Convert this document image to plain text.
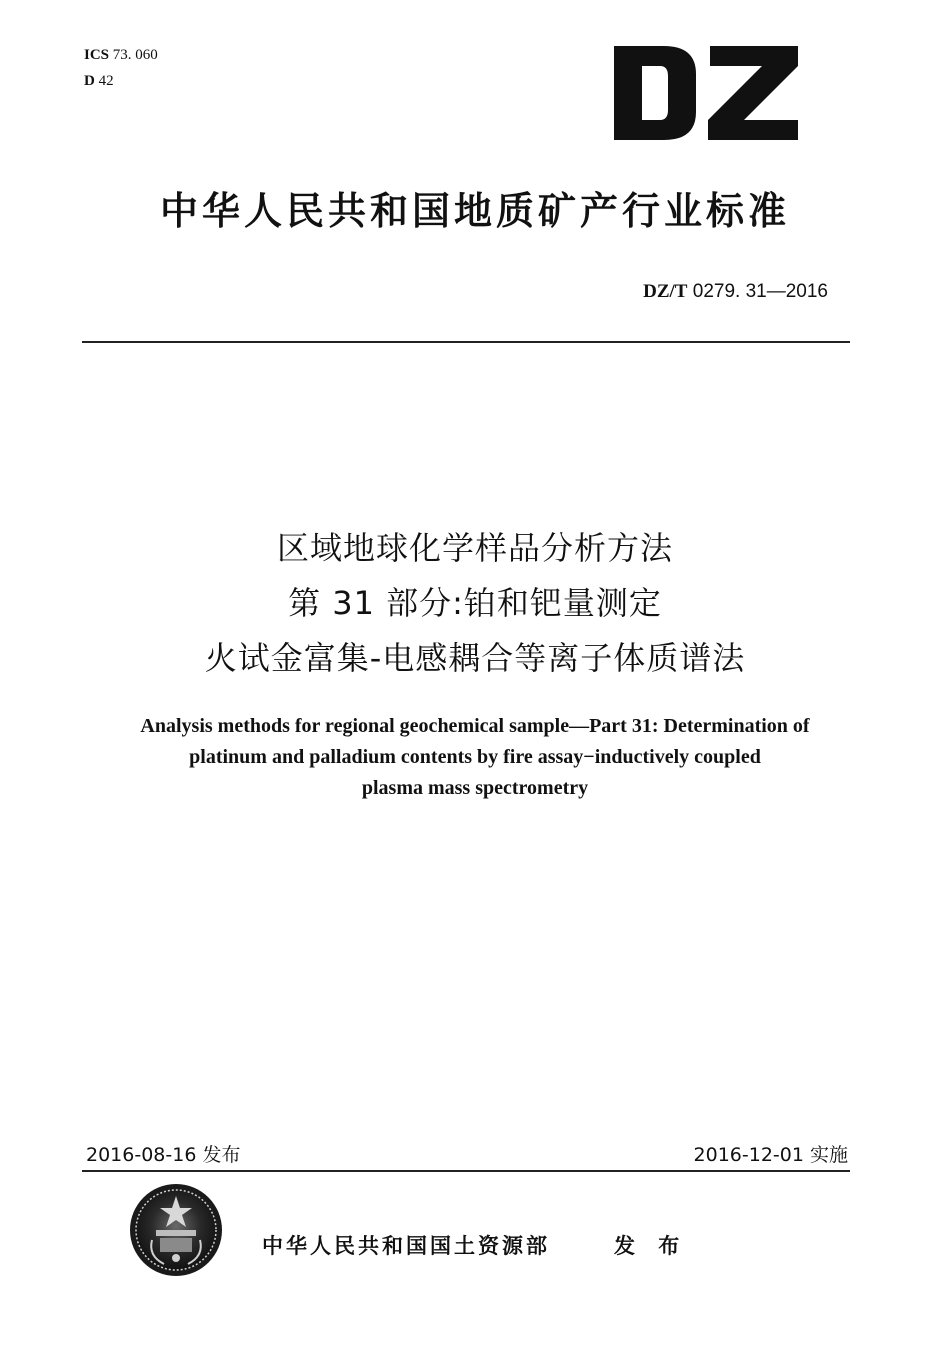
ICS 73. 060
D 42
中华人民共和国地质矿产行业标准
DZ/T 0279. 31—2016
区域地球化学样品分析方法
第 31 部分:铂和钯量测定
火试金富集-电感耦合等离子体质谱法
Analysis methods for regional geochemical sample—Part 31: Determination of
platinum and palladium contents by fire assay−inductively coupled
plasma mass spectrometry
2016-08-16 发布	2016-12-01 实施
中华人民共和国国土资源部	发 布
